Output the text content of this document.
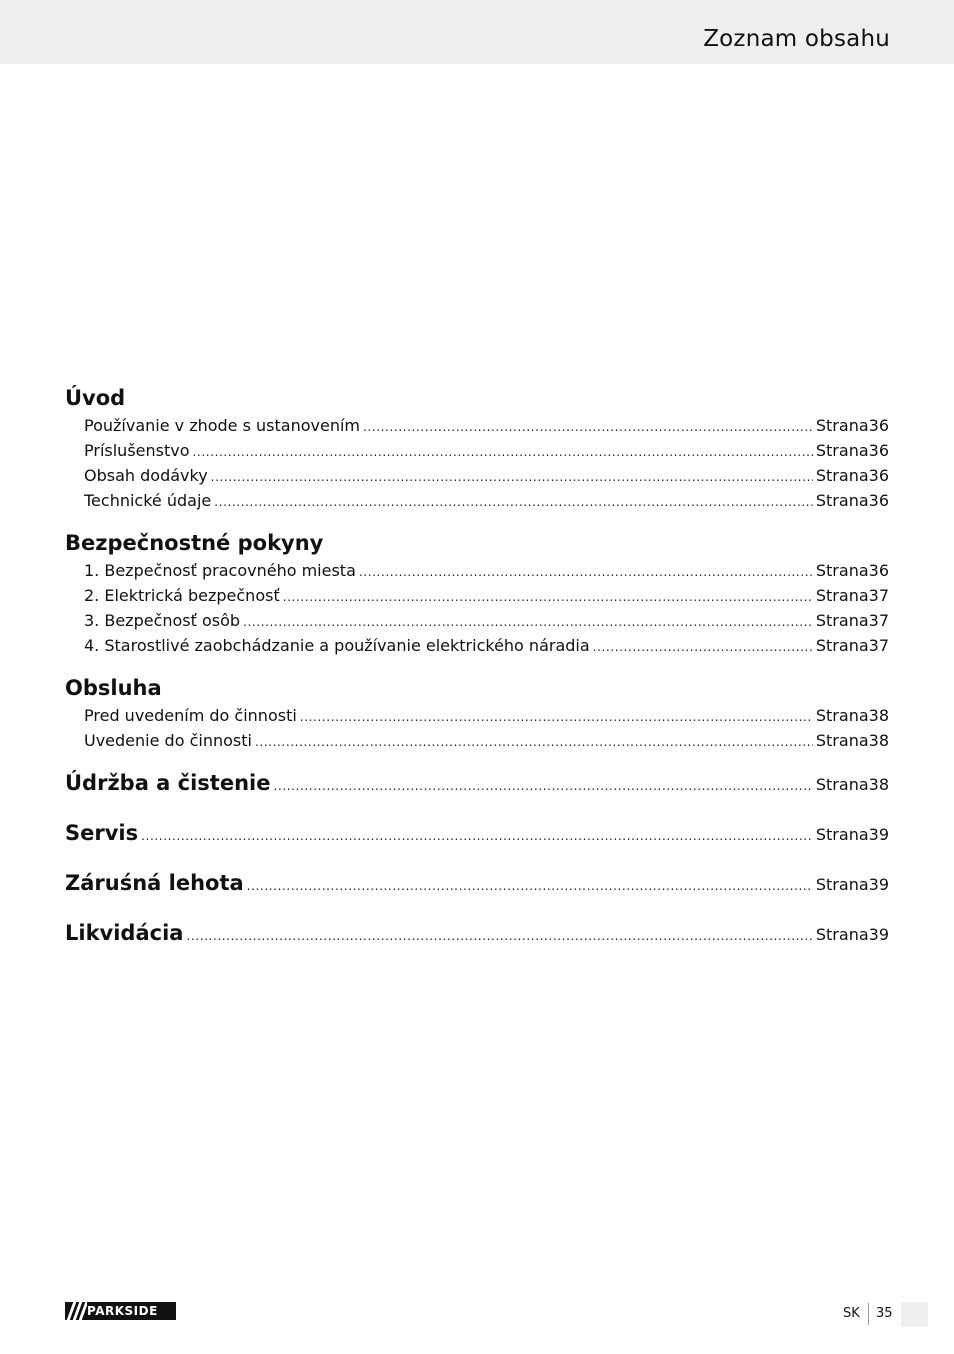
Zoznam obsahu
Úvod
Používanie v zhode s ustanovením .....	Strana 36
Príslušenstvo .....	Strana 36
Obsah dodávky .....	Strana 36
Technické údaje .....	Strana 36
Bezpečnostné pokyny
1. Bezpečnosť pracovného miesta .....	Strana 36
2. Elektrická bezpečnosť .....	Strana 37
3. Bezpečnosť osôb .....	Strana 37
4. Starostlivé zaobchádzanie a používanie elektrického náradia .....	Strana 37
Obsluha
Pred uvedením do činnosti .....	Strana 38
Uvedenie do činnosti .....	Strana 38
Údržba a čistenie .....	Strana 38
Servis .....	Strana 39
Záruśná lehota .....	Strana 39
Likvidácia .....	Strana 39
PARKSIDE	SK 35
